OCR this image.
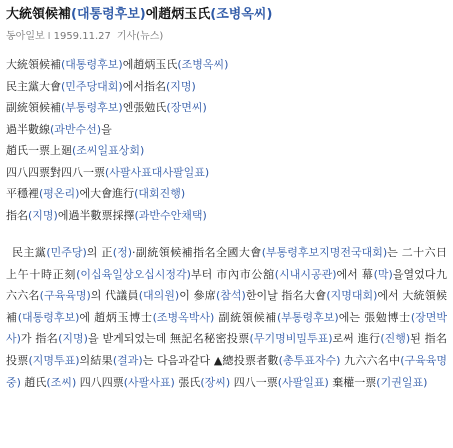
大統領候補(대통령후보)에趙炳玉氏(조병옥씨)
동아일보 I 1959.11.27 기사(뉴스)
大統領候補(대통령후보)에趙炳玉氏(조병옥씨)
民主黨大會(민주당대회)에서指名(지명)
副統領候補(부통령후보)엔張勉氏(장면씨)
過半數線(과반수선)을
趙氏一票上廻(조씨일표상회)
四八四票對四八一票(사팔사표대사팔일표)
平穩裡(평온리)에大會進行(대회진행)
指名(지명)에過半數票採擇(과반수안채택)
民主黨(민주당)의 正(정)·副統領候補指名全國大會(부통령후보지명전국대회)는 二十六日上午十時正刻(이십육일상오십시정각)부터 市內市公舘(시내시공관)에서 幕(막)을열었다九六六名(구육육명)의 代議員(대의원)이 參席(참석)한이날 指名大會(지명대회)에서 大統領候補(대통령후보)에 趙炳玉博士(조병옥박사) 副統領候補(부통령후보)에는 張勉博士(장면박사)가 指名(지명)을 받게되었는데 無記名秘密投票(무기명비밀투표)로써 進行(진행)된 指名投票(지명투표)의結果(결과)는 다음과같다 ▲總投票者數(총투표자수) 九六六名中(구육육명중) 趙氏(조씨) 四八四票(사팔사표) 張氏(장씨) 四八一票(사팔일표) 棄權一票(기권일표)
